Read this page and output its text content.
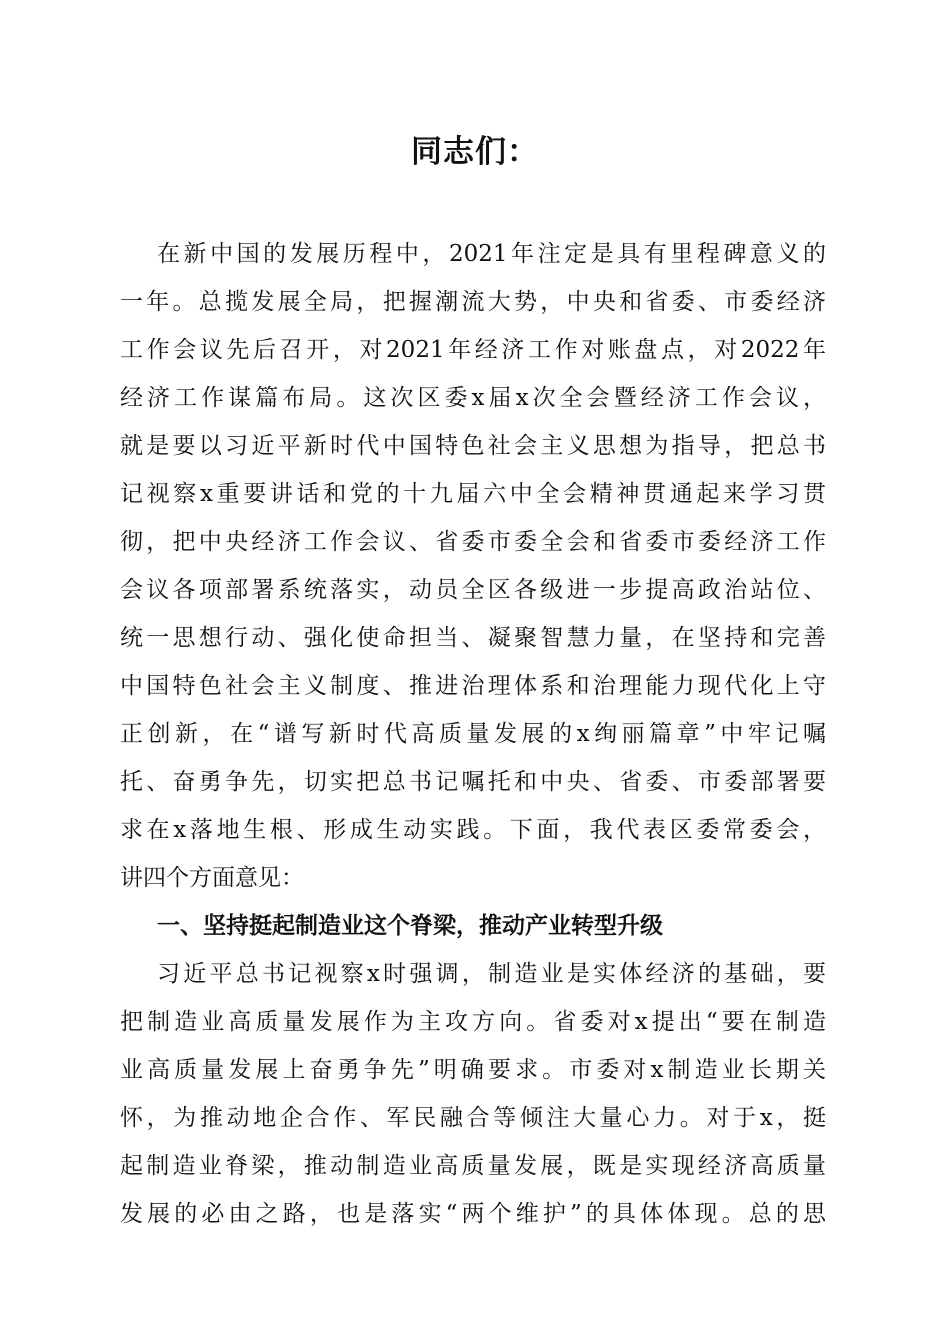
同志们：
在新中国的发展历程中，2021年注定是具有里程碑意义的
一年。总揽发展全局，把握潮流大势，中央和省委、市委经济
工作会议先后召开，对2021年经济工作对账盘点，对2022年
经济工作谋篇布局。这次区委x届x次全会暨经济工作会议，
就是要以习近平新时代中国特色社会主义思想为指导，把总书
记视察x重要讲话和党的十九届六中全会精神贯通起来学习贯
彻，把中央经济工作会议、省委市委全会和省委市委经济工作
会议各项部署系统落实，动员全区各级进一步提高政治站位、
统一思想行动、强化使命担当、凝聚智慧力量，在坚持和完善
中国特色社会主义制度、推进治理体系和治理能力现代化上守
正创新，在“谱写新时代高质量发展的x绚丽篇章”中牢记嘱
托、奋勇争先，切实把总书记嘱托和中央、省委、市委部署要
求在x落地生根、形成生动实践。下面，我代表区委常委会，
讲四个方面意见：
一、坚持挺起制造业这个脊梁，推动产业转型升级
习近平总书记视察x时强调，制造业是实体经济的基础，要
把制造业高质量发展作为主攻方向。省委对x提出“要在制造
业高质量发展上奋勇争先”明确要求。市委对x制造业长期关
怀，为推动地企合作、军民融合等倾注大量心力。对于x，挺
起制造业脊梁，推动制造业高质量发展，既是实现经济高质量
发展的必由之路，也是落实“两个维护”的具体体现。总的思
